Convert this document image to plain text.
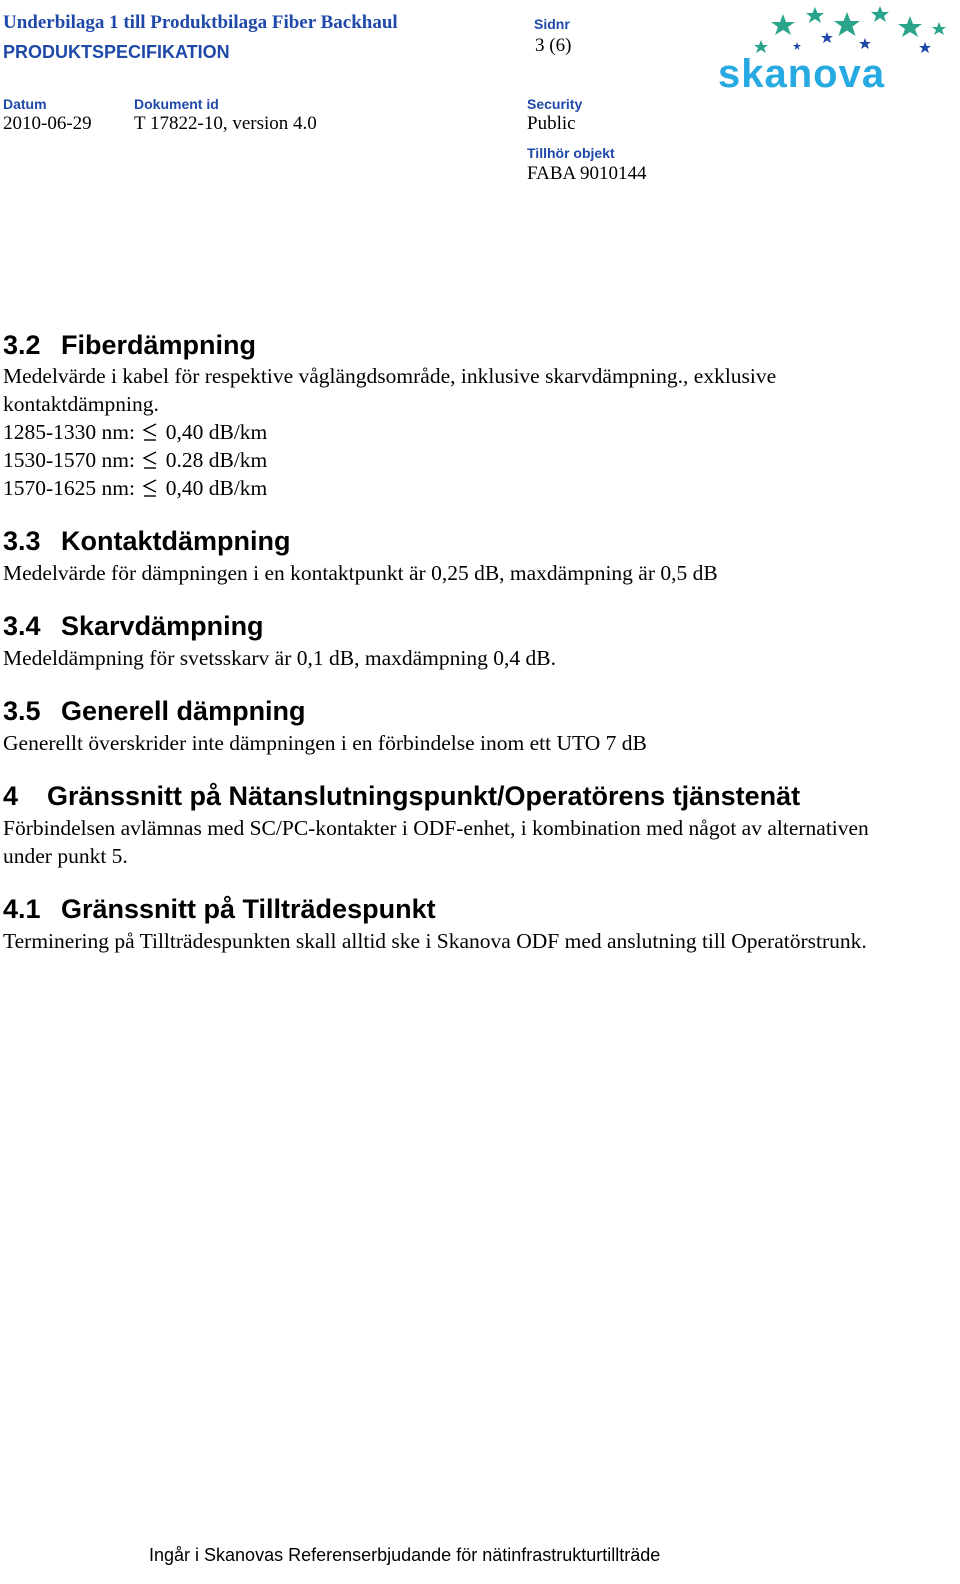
Underbilaga 1 till Produktbilaga Fiber Backhaul
PRODUKTSPECIFIKATION
Sidnr
3 (6)
Datum
2010-06-29
Dokument id
T 17822-10, version 4.0
Security
Public
Tillhör objekt
FABA 9010144
skanova
3.2 Fiberdämpning
Medelvärde i kabel för respektive våglängdsområde, inklusive skarvdämpning., exklusive kontaktdämpning.
1285-1330 nm: 0,40 dB/km
1530-1570 nm: 0.28 dB/km
1570-1625 nm: 0,40 dB/km
3.3 Kontaktdämpning
Medelvärde för dämpningen i en kontaktpunkt är 0,25 dB, maxdämpning är 0,5 dB
3.4 Skarvdämpning
Medeldämpning för svetsskarv är 0,1 dB, maxdämpning 0,4 dB.
3.5 Generell dämpning
Generellt överskrider inte dämpningen i en förbindelse inom ett UTO 7 dB
4 Gränssnitt på Nätanslutningspunkt/Operatörens tjänstenät
Förbindelsen avlämnas med SC/PC-kontakter i ODF-enhet, i kombination med något av alternativen under punkt 5.
4.1 Gränssnitt på Tillträdespunkt
Terminering på Tillträdespunkten skall alltid ske i Skanova ODF med anslutning till Operatörstrunk.
Ingår i Skanovas Referenserbjudande för nätinfrastrukturtillträde
